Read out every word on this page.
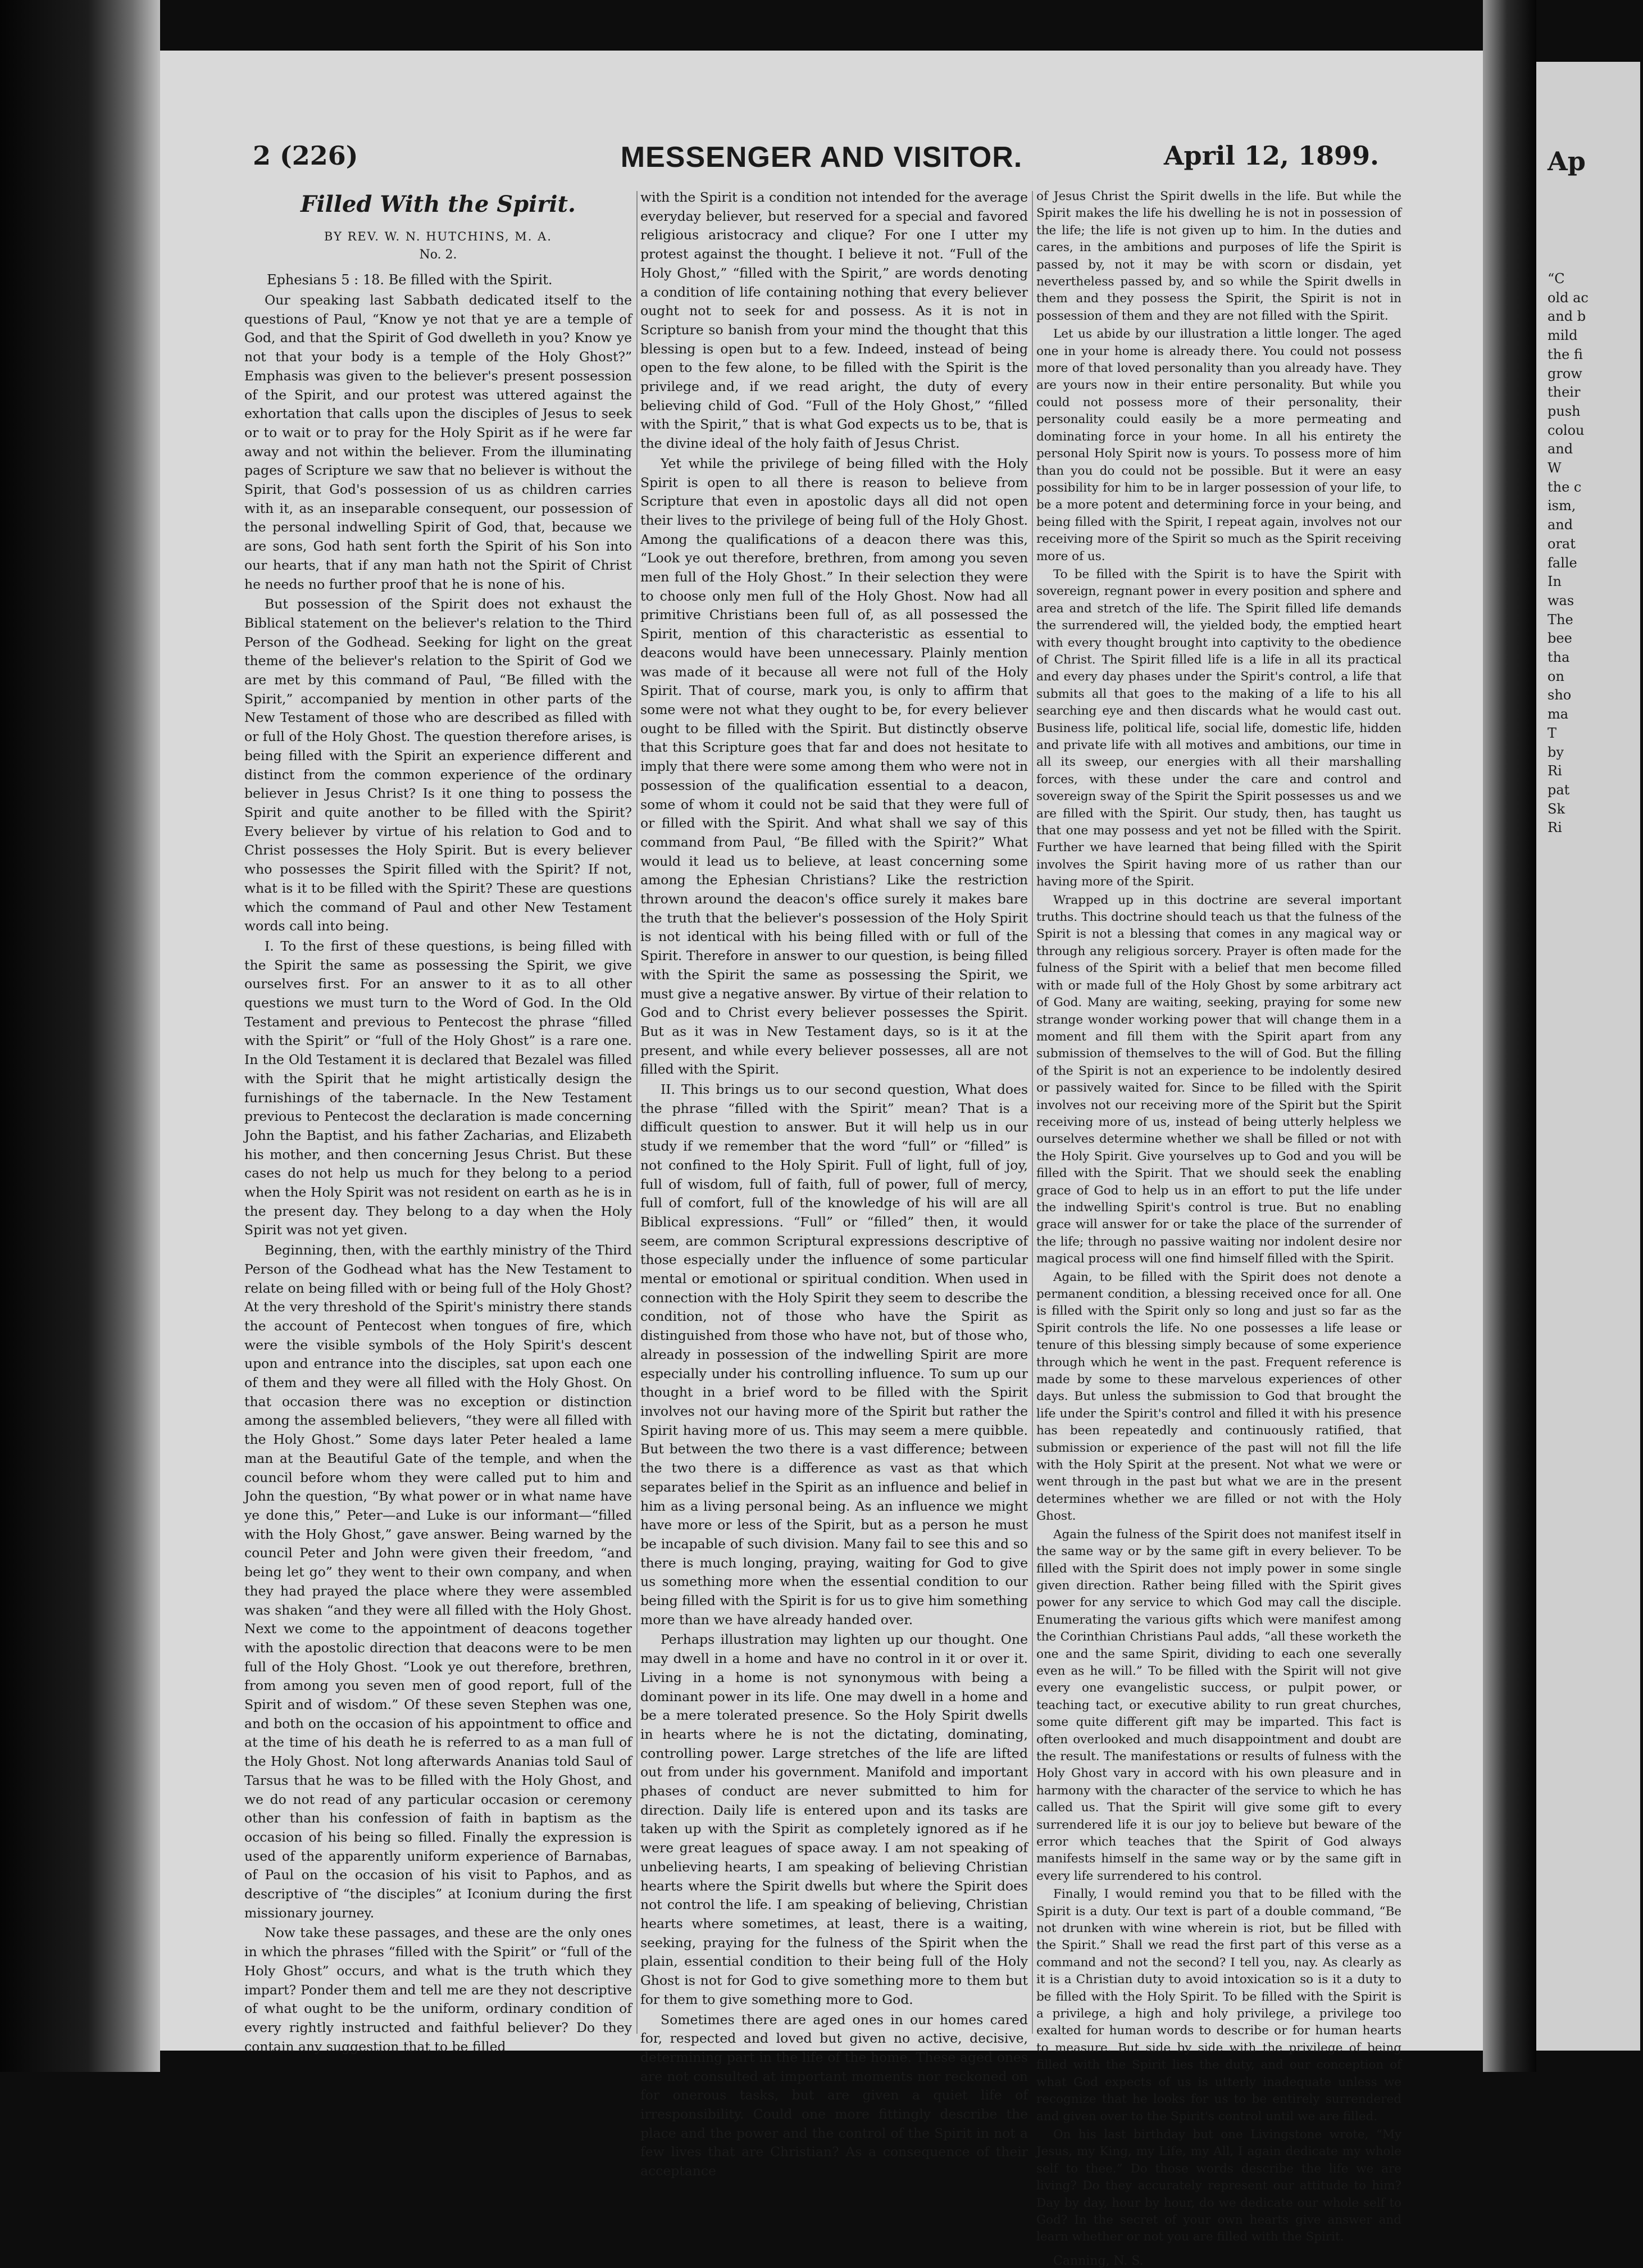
2 (226)	MESSENGER AND VISITOR.	April 12, 1899.
Filled With the Spirit.
BY REV. W. N. HUTCHINS, M. A.
No. 2.
Ephesians 5 : 18. Be filled with the Spirit.

Our speaking last Sabbath dedicated itself to the questions of Paul, “Know ye not that ye are a temple of God, and that the Spirit of God dwelleth in you? Know ye not that your body is a temple of the Holy Ghost?” Emphasis was given to the believer's present possession of the Spirit, and our protest was uttered against the exhortation that calls upon the disciples of Jesus to seek or to wait or to pray for the Holy Spirit as if he were far away and not within the believer. From the illuminating pages of Scripture we saw that no believer is without the Spirit, that God's possession of us as children carries with it, as an inseparable consequent, our possession of the personal indwelling Spirit of God, that, because we are sons, God hath sent forth the Spirit of his Son into our hearts, that if any man hath not the Spirit of Christ he needs no further proof that he is none of his.

But possession of the Spirit does not exhaust the Biblical statement on the believer's relation to the Third Person of the Godhead. Seeking for light on the great theme of the believer's relation to the Spirit of God we are met by this command of Paul, “Be filled with the Spirit,” accompanied by mention in other parts of the New Testament of those who are described as filled with or full of the Holy Ghost. The question therefore arises, is being filled with the Spirit an experience different and distinct from the common experience of the ordinary believer in Jesus Christ? Is it one thing to possess the Spirit and quite another to be filled with the Spirit? Every believer by virtue of his relation to God and to Christ possesses the Holy Spirit. But is every believer who possesses the Spirit filled with the Spirit? If not, what is it to be filled with the Spirit? These are questions which the command of Paul and other New Testament words call into being.

I. To the first of these questions, is being filled with the Spirit the same as possessing the Spirit, we give ourselves first. For an answer to it as to all other questions we must turn to the Word of God. In the Old Testament and previous to Pentecost the phrase “filled with the Spirit” or “full of the Holy Ghost” is a rare one. In the Old Testament it is declared that Bezalel was filled with the Spirit that he might artistically design the furnishings of the tabernacle. In the New Testament previous to Pentecost the declaration is made concerning John the Baptist, and his father Zacharias, and Elizabeth his mother, and then concerning Jesus Christ. But these cases do not help us much for they belong to a period when the Holy Spirit was not resident on earth as he is in the present day. They belong to a day when the Holy Spirit was not yet given.

Beginning, then, with the earthly ministry of the Third Person of the Godhead what has the New Testament to relate on being filled with or being full of the Holy Ghost? At the very threshold of the Spirit's ministry there stands the account of Pentecost when tongues of fire, which were the visible symbols of the Holy Spirit's descent upon and entrance into the disciples, sat upon each one of them and they were all filled with the Holy Ghost. On that occasion there was no exception or distinction among the assembled believers, “they were all filled with the Holy Ghost.” Some days later Peter healed a lame man at the Beautiful Gate of the temple, and when the council before whom they were called put to him and John the question, “By what power or in what name have ye done this,” Peter—and Luke is our informant—“filled with the Holy Ghost,” gave answer. Being warned by the council Peter and John were given their freedom, “and being let go” they went to their own company, and when they had prayed the place where they were assembled was shaken “and they were all filled with the Holy Ghost. Next we come to the appointment of deacons together with the apostolic direction that deacons were to be men full of the Holy Ghost. “Look ye out therefore, brethren, from among you seven men of good report, full of the Spirit and of wisdom.” Of these seven Stephen was one, and both on the occasion of his appointment to office and at the time of his death he is referred to as a man full of the Holy Ghost. Not long afterwards Ananias told Saul of Tarsus that he was to be filled with the Holy Ghost, and we do not read of any particular occasion or ceremony other than his confession of faith in baptism as the occasion of his being so filled. Finally the expression is used of the apparently uniform experience of Barnabas, of Paul on the occasion of his visit to Paphos, and as descriptive of “the disciples” at Iconium during the first missionary journey.

Now take these passages, and these are the only ones in which the phrases “filled with the Spirit” or “full of the Holy Ghost” occurs, and what is the truth which they impart? Ponder them and tell me are they not descriptive of what ought to be the uniform, ordinary condition of every rightly instructed and faithful believer? Do they contain any suggestion that to be filled

with the Spirit is a condition not intended for the average everyday believer, but reserved for a special and favored religious aristocracy and clique? For one I utter my protest against the thought. I believe it not. “Full of the Holy Ghost,” “filled with the Spirit,” are words denoting a condition of life containing nothing that every believer ought not to seek for and possess. As it is not in Scripture so banish from your mind the thought that this blessing is open but to a few. Indeed, instead of being open to the few alone, to be filled with the Spirit is the privilege and, if we read aright, the duty of every believing child of God. “Full of the Holy Ghost,” “filled with the Spirit,” that is what God expects us to be, that is the divine ideal of the holy faith of Jesus Christ.

Yet while the privilege of being filled with the Holy Spirit is open to all there is reason to believe from Scripture that even in apostolic days all did not open their lives to the privilege of being full of the Holy Ghost. Among the qualifications of a deacon there was this, “Look ye out therefore, brethren, from among you seven men full of the Holy Ghost.” In their selection they were to choose only men full of the Holy Ghost. Now had all primitive Christians been full of, as all possessed the Spirit, mention of this characteristic as essential to deacons would have been unnecessary. Plainly mention was made of it because all were not full of the Holy Spirit. That of course, mark you, is only to affirm that some were not what they ought to be, for every believer ought to be filled with the Spirit. But distinctly observe that this Scripture goes that far and does not hesitate to imply that there were some among them who were not in possession of the qualification essential to a deacon, some of whom it could not be said that they were full of or filled with the Spirit. And what shall we say of this command from Paul, “Be filled with the Spirit?” What would it lead us to believe, at least concerning some among the Ephesian Christians? Like the restriction thrown around the deacon's office surely it makes bare the truth that the believer's possession of the Holy Spirit is not identical with his being filled with or full of the Spirit. Therefore in answer to our question, is being filled with the Spirit the same as possessing the Spirit, we must give a negative answer. By virtue of their relation to God and to Christ every believer possesses the Spirit. But as it was in New Testament days, so is it at the present, and while every believer possesses, all are not filled with the Spirit.

II. This brings us to our second question, What does the phrase “filled with the Spirit” mean? That is a difficult question to answer. But it will help us in our study if we remember that the word “full” or “filled” is not confined to the Holy Spirit. Full of light, full of joy, full of wisdom, full of faith, full of power, full of mercy, full of comfort, full of the knowledge of his will are all Biblical expressions. “Full” or “filled” then, it would seem, are common Scriptural expressions descriptive of those especially under the influence of some particular mental or emotional or spiritual condition. When used in connection with the Holy Spirit they seem to describe the condition, not of those who have the Spirit as distinguished from those who have not, but of those who, already in possession of the indwelling Spirit are more especially under his controlling influence. To sum up our thought in a brief word to be filled with the Spirit involves not our having more of the Spirit but rather the Spirit having more of us. This may seem a mere quibble. But between the two there is a vast difference; between the two there is a difference as vast as that which separates belief in the Spirit as an influence and belief in him as a living personal being. As an influence we might have more or less of the Spirit, but as a person he must be incapable of such division. Many fail to see this and so there is much longing, praying, waiting for God to give us something more when the essential condition to our being filled with the Spirit is for us to give him something more than we have already handed over.

Perhaps illustration may lighten up our thought. One may dwell in a home and have no control in it or over it. Living in a home is not synonymous with being a dominant power in its life. One may dwell in a home and be a mere tolerated presence. So the Holy Spirit dwells in hearts where he is not the dictating, dominating, controlling power. Large stretches of the life are lifted out from under his government. Manifold and important phases of conduct are never submitted to him for direction. Daily life is entered upon and its tasks are taken up with the Spirit as completely ignored as if he were great leagues of space away. I am not speaking of unbelieving hearts, I am speaking of believing Christian hearts where the Spirit dwells but where the Spirit does not control the life. I am speaking of believing, Christian hearts where sometimes, at least, there is a waiting, seeking, praying for the fulness of the Spirit when the plain, essential condition to their being full of the Holy Ghost is not for God to give something more to them but for them to give something more to God.

Sometimes there are aged ones in our homes cared for, respected and loved but given no active, decisive, determining part in the life of the home. These aged ones are not consulted at important moments nor reckoned on for onerous tasks, but are given a quiet life of irresponsibility. Could one more fittingly describe the place and the power and the control of the Spirit in not a few lives that are Christian? As a consequence of their acceptance

of Jesus Christ the Spirit dwells in the life. But while the Spirit makes the life his dwelling he is not in possession of the life; the life is not given up to him. In the duties and cares, in the ambitions and purposes of life the Spirit is passed by, not it may be with scorn or disdain, yet nevertheless passed by, and so while the Spirit dwells in them and they possess the Spirit, the Spirit is not in possession of them and they are not filled with the Spirit.

Let us abide by our illustration a little longer. The aged one in your home is already there. You could not possess more of that loved personality than you already have. They are yours now in their entire personality. But while you could not possess more of their personality, their personality could easily be a more permeating and dominating force in your home. In all his entirety the personal Holy Spirit now is yours. To possess more of him than you do could not be possible. But it were an easy possibility for him to be in larger possession of your life, to be a more potent and determining force in your being, and being filled with the Spirit, I repeat again, involves not our receiving more of the Spirit so much as the Spirit receiving more of us.

To be filled with the Spirit is to have the Spirit with sovereign, regnant power in every position and sphere and area and stretch of the life. The Spirit filled life demands the surrendered will, the yielded body, the emptied heart with every thought brought into captivity to the obedience of Christ. The Spirit filled life is a life in all its practical and every day phases under the Spirit's control, a life that submits all that goes to the making of a life to his all searching eye and then discards what he would cast out. Business life, political life, social life, domestic life, hidden and private life with all motives and ambitions, our time in all its sweep, our energies with all their marshalling forces, with these under the care and control and sovereign sway of the Spirit the Spirit possesses us and we are filled with the Spirit. Our study, then, has taught us that one may possess and yet not be filled with the Spirit. Further we have learned that being filled with the Spirit involves the Spirit having more of us rather than our having more of the Spirit.

Wrapped up in this doctrine are several important truths. This doctrine should teach us that the fulness of the Spirit is not a blessing that comes in any magical way or through any religious sorcery. Prayer is often made for the fulness of the Spirit with a belief that men become filled with or made full of the Holy Ghost by some arbitrary act of God. Many are waiting, seeking, praying for some new strange wonder working power that will change them in a moment and fill them with the Spirit apart from any submission of themselves to the will of God. But the filling of the Spirit is not an experience to be indolently desired or passively waited for. Since to be filled with the Spirit involves not our receiving more of the Spirit but the Spirit receiving more of us, instead of being utterly helpless we ourselves determine whether we shall be filled or not with the Holy Spirit. Give yourselves up to God and you will be filled with the Spirit. That we should seek the enabling grace of God to help us in an effort to put the life under the indwelling Spirit's control is true. But no enabling grace will answer for or take the place of the surrender of the life; through no passive waiting nor indolent desire nor magical process will one find himself filled with the Spirit.

Again, to be filled with the Spirit does not denote a permanent condition, a blessing received once for all. One is filled with the Spirit only so long and just so far as the Spirit controls the life. No one possesses a life lease or tenure of this blessing simply because of some experience through which he went in the past. Frequent reference is made by some to these marvelous experiences of other days. But unless the submission to God that brought the life under the Spirit's control and filled it with his presence has been repeatedly and continuously ratified, that submission or experience of the past will not fill the life with the Holy Spirit at the present. Not what we were or went through in the past but what we are in the present determines whether we are filled or not with the Holy Ghost.

Again the fulness of the Spirit does not manifest itself in the same way or by the same gift in every believer. To be filled with the Spirit does not imply power in some single given direction. Rather being filled with the Spirit gives power for any service to which God may call the disciple. Enumerating the various gifts which were manifest among the Corinthian Christians Paul adds, “all these worketh the one and the same Spirit, dividing to each one severally even as he will.” To be filled with the Spirit will not give every one evangelistic success, or pulpit power, or teaching tact, or executive ability to run great churches, some quite different gift may be imparted. This fact is often overlooked and much disappointment and doubt are the result. The manifestations or results of fulness with the Holy Ghost vary in accord with his own pleasure and in harmony with the character of the service to which he has called us. That the Spirit will give some gift to every surrendered life it is our joy to believe but beware of the error which teaches that the Spirit of God always manifests himself in the same way or by the same gift in every life surrendered to his control.

Finally, I would remind you that to be filled with the Spirit is a duty. Our text is part of a double command, “Be not drunken with wine wherein is riot, but be filled with the Spirit.” Shall we read the first part of this verse as a command and not the second? I tell you, nay. As clearly as it is a Christian duty to avoid intoxication so is it a duty to be filled with the Holy Spirit. To be filled with the Spirit is a privilege, a high and holy privilege, a privilege too exalted for human words to describe or for human hearts to measure. But side by side with the privilege of being filled with the Spirit lies the duty, and our conception of what God expects of us is utterly inadequate unless we recognize that he looks for us to be entirely surrendered and given over to the Spirit's control until we are filled.

On his last birthday but one Livingstone wrote, “My Jesus, my King, my Life, my All, I again dedicate my whole self to thee.” Do those words describe the life we are living? Do they accurately represent our attitude to him? Day by day, hour by hour, do we dedicate our whole self to God? In the secret of your own hearts give answer and learn whether or not you are filled with the Spirit.

Canning, N. S.
Ap
“C
old ac
and b
mild
the fi
grow
their
push
colou
and
W
the c
ism,
and
orat
falle
In
was
The
bee
tha
on
sho
ma
T
by
Ri
pat
Sk
Ri
